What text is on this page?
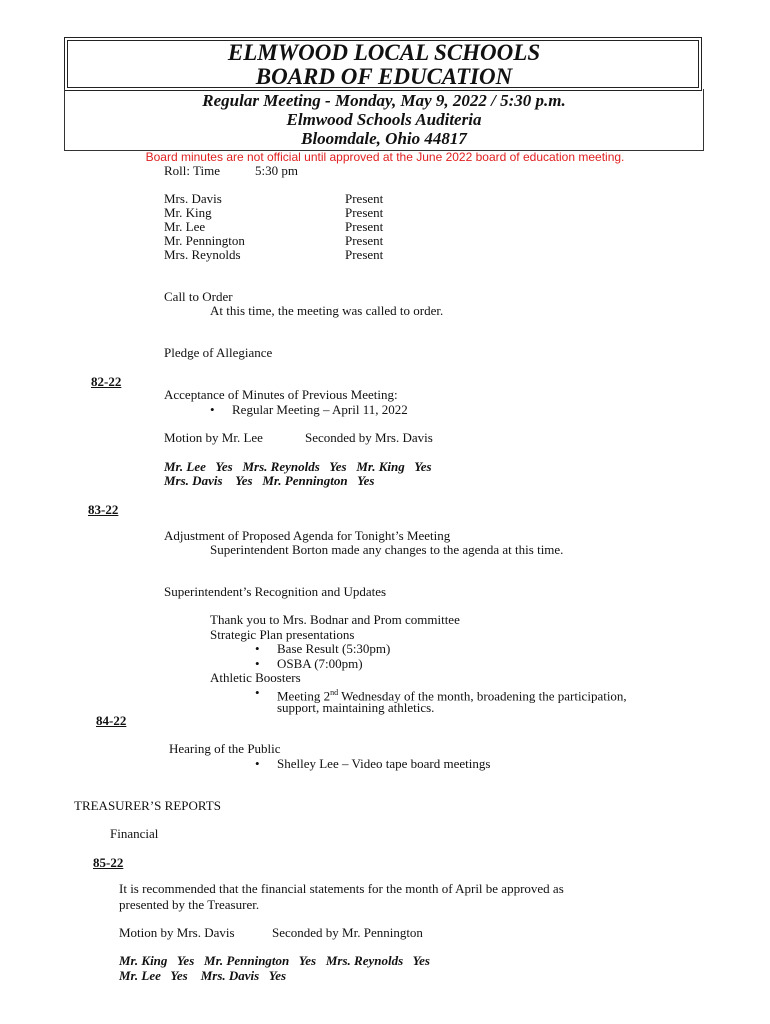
ELMWOOD LOCAL SCHOOLS
BOARD OF EDUCATION
Regular Meeting - Monday, May 9, 2022 / 5:30 p.m.
Elmwood Schools Auditeria
Bloomdale, Ohio 44817
Board minutes are not official until approved at the June 2022 board of education meeting.
Roll: Time	5:30 pm
Mrs. Davis	Present
Mr. King	Present
Mr. Lee	Present
Mr. Pennington	Present
Mrs. Reynolds	Present
Call to Order
At this time, the meeting was called to order.
Pledge of Allegiance
82-22
Acceptance of Minutes of Previous Meeting:
• Regular Meeting – April 11, 2022
Motion by Mr. Lee	Seconded by Mrs. Davis
Mr. Lee   Yes   Mrs. Reynolds   Yes   Mr. King   Yes
Mrs. Davis    Yes   Mr. Pennington   Yes
83-22
Adjustment of Proposed Agenda for Tonight’s Meeting
Superintendent Borton made any changes to the agenda at this time.
Superintendent’s Recognition and Updates
Thank you to Mrs. Bodnar and Prom committee
Strategic Plan presentations
• Base Result (5:30pm)
• OSBA (7:00pm)
Athletic Boosters
• Meeting 2nd Wednesday of the month, broadening the participation,
support, maintaining athletics.
84-22
Hearing of the Public
• Shelley Lee – Video tape board meetings
TREASURER’S REPORTS
Financial
85-22
It is recommended that the financial statements for the month of April be approved as
presented by the Treasurer.
Motion by Mrs. Davis	Seconded by Mr. Pennington
Mr. King   Yes   Mr. Pennington   Yes   Mrs. Reynolds   Yes
Mr. Lee   Yes    Mrs. Davis   Yes
